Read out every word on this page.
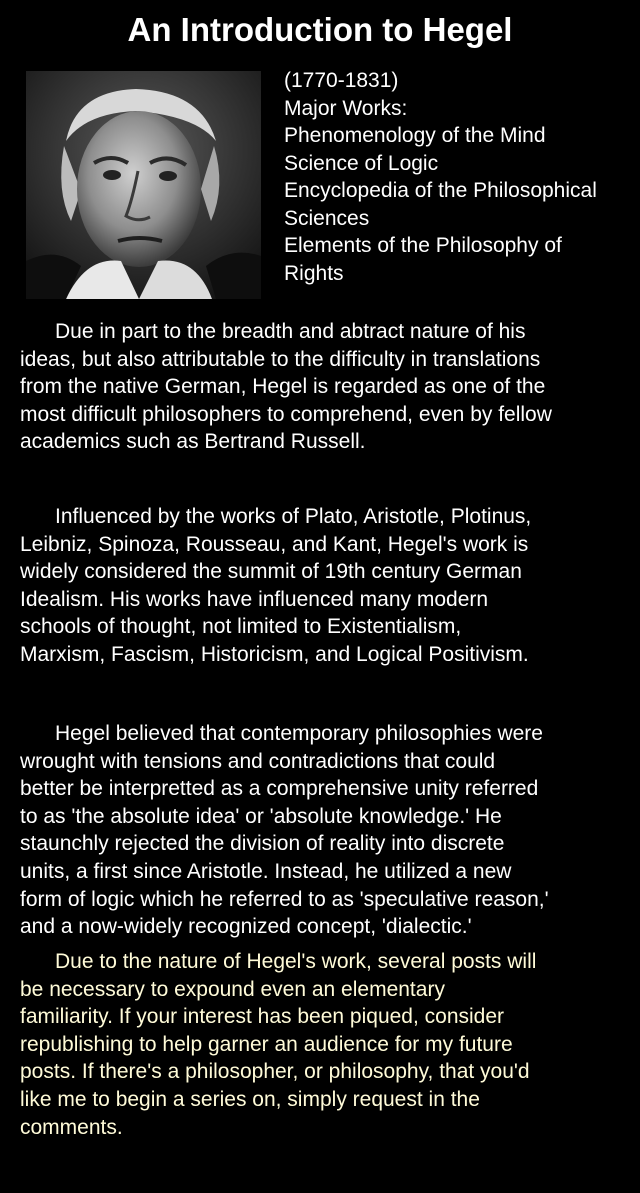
An Introduction to Hegel
(1770-1831)
Major Works:
Phenomenology of the Mind
Science of Logic
Encyclopedia of the Philosophical
Sciences
Elements of the Philosophy of
Rights

Due in part to the breadth and abtract nature of his
ideas, but also attributable to the difficulty in translations
from the native German, Hegel is regarded as one of the
most difficult philosophers to comprehend, even by fellow
academics such as Bertrand Russell.

Influenced by the works of Plato, Aristotle, Plotinus,
Leibniz, Spinoza, Rousseau, and Kant, Hegel's work is
widely considered the summit of 19th century German
Idealism. His works have influenced many modern
schools of thought, not limited to Existentialism,
Marxism, Fascism, Historicism, and Logical Positivism.

Hegel believed that contemporary philosophies were
wrought with tensions and contradictions that could
better be interpretted as a comprehensive unity referred
to as 'the absolute idea' or 'absolute knowledge.' He
staunchly rejected the division of reality into discrete
units, a first since Aristotle. Instead, he utilized a new
form of logic which he referred to as 'speculative reason,'
and a now-widely recognized concept, 'dialectic.'

Due to the nature of Hegel's work, several posts will
be necessary to expound even an elementary
familiarity. If your interest has been piqued, consider
republishing to help garner an audience for my future
posts. If there's a philosopher, or philosophy, that you'd
like me to begin a series on, simply request in the
comments.
